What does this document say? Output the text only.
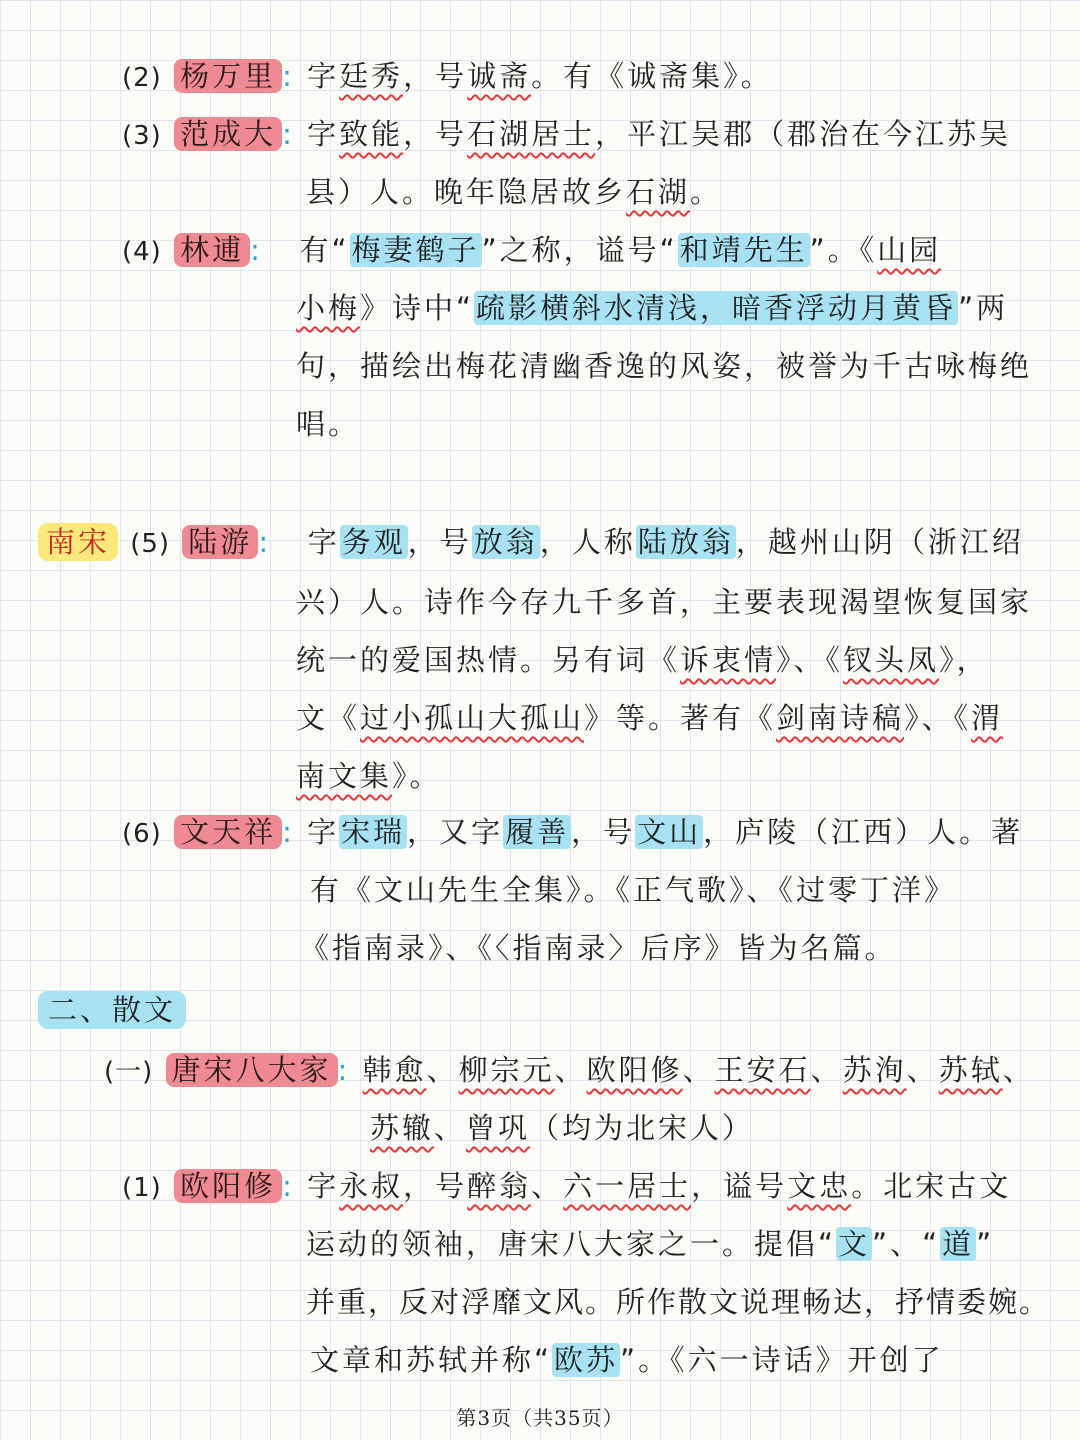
(2) 杨万里 : 字廷秀，号诚斋。有《诚斋集》。
(3) 范成大 : 字致能，号石湖居士，平江吴郡（郡治在今江苏吴
县）人。晚年隐居故乡石湖。
(4) 林逋 : 有“梅妻鹤子”之称，谥号“和靖先生”。《山园
小梅》诗中“疏影横斜水清浅，暗香浮动月黄昏”两
句，描绘出梅花清幽香逸的风姿，被誉为千古咏梅绝
唱。
南宋 (5) 陆游 : 字务观，号放翁，人称陆放翁，越州山阴（浙江绍
兴）人。诗作今存九千多首，主要表现渴望恢复国家
统一的爱国热情。另有词《诉衷情》、《钗头凤》，
文《过小孤山大孤山》等。著有《剑南诗稿》、《渭
南文集》。
(6) 文天祥 : 字宋瑞，又字履善，号文山，庐陵（江西）人。著
有《文山先生全集》。《正气歌》、《过零丁洋》
《指南录》、《〈指南录〉后序》皆为名篇。
二、散文
(一) 唐宋八大家 : 韩愈、柳宗元、欧阳修、王安石、苏洵、苏轼、
苏辙、曾巩（均为北宋人）
(1) 欧阳修 : 字永叔，号醉翁、六一居士，谥号文忠。北宋古文
运动的领袖，唐宋八大家之一。提倡“文”、“道”
并重，反对浮靡文风。所作散文说理畅达，抒情委婉。
文章和苏轼并称“欧苏”。《六一诗话》开创了
第3页（共35页）
